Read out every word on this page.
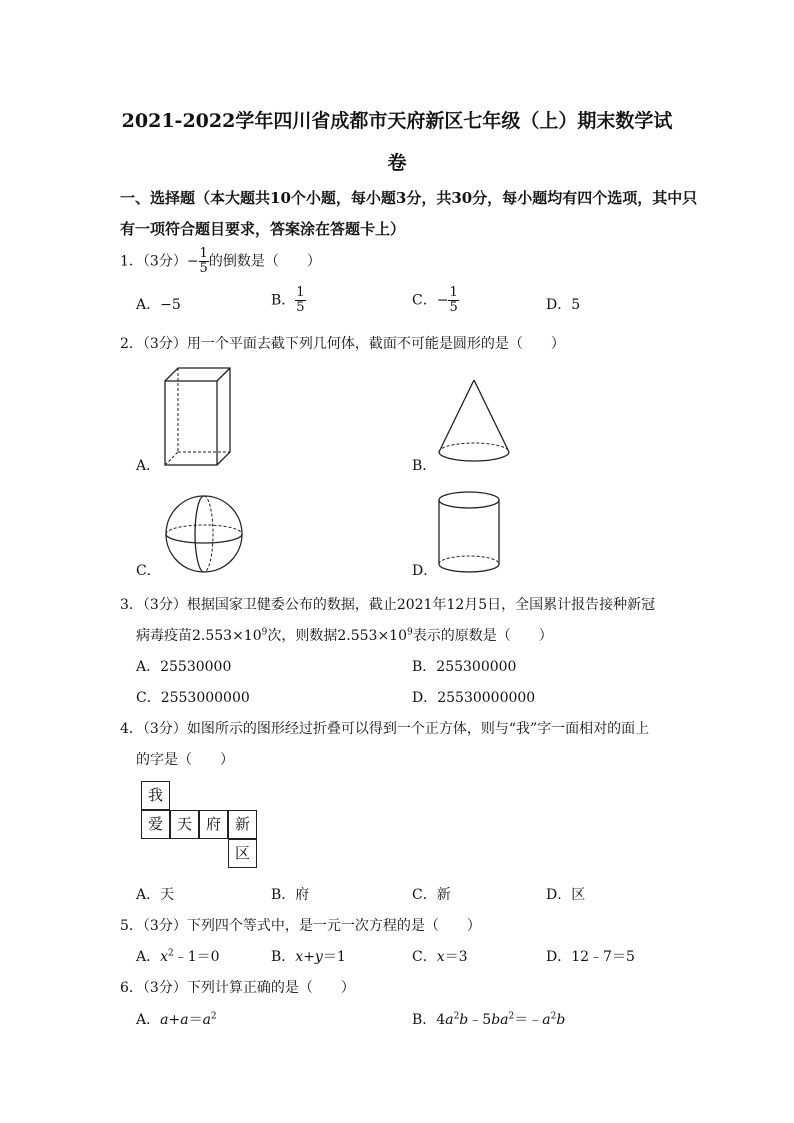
2021-2022学年四川省成都市天府新区七年级（上）期末数学试
卷
一、选择题（本大题共10个小题，每小题3分，共30分，每小题均有四个选项，其中只
有一项符合题目要求，答案涂在答题卡上）
1．（3分）− $\frac{1}{5}$ 的倒数是（　　）
A．−5	B． $\frac{1}{5}$	C．− $\frac{1}{5}$	D．5
2．（3分）用一个平面去截下列几何体，截面不可能是圆形的是（　　）
A．	B．
C．	D．
3．（3分）根据国家卫健委公布的数据，截止2021年12月5日，全国累计报告接种新冠
病毒疫苗$2.553\times 10^9$次，则数据$2.553\times 10^9$表示的原数是（　　）
A．25530000	B．255300000
C．2553000000	D．25530000000
4．（3分）如图所示的图形经过折叠可以得到一个正方体，则与“我”字一面相对的面上
的字是（　　）
我
爱 天 府 新
区
A．天	B．府	C．新	D．区
5．（3分）下列四个等式中，是一元一次方程的是（　　）
A．$x^2﹣1=0$	B．x+y＝1	C．x＝3	D．12﹣7＝5
6．（3分）下列计算正确的是（　　）
A．$a+a=a^2$	B．$4a^2b﹣5ba^2=﹣a^2b$
